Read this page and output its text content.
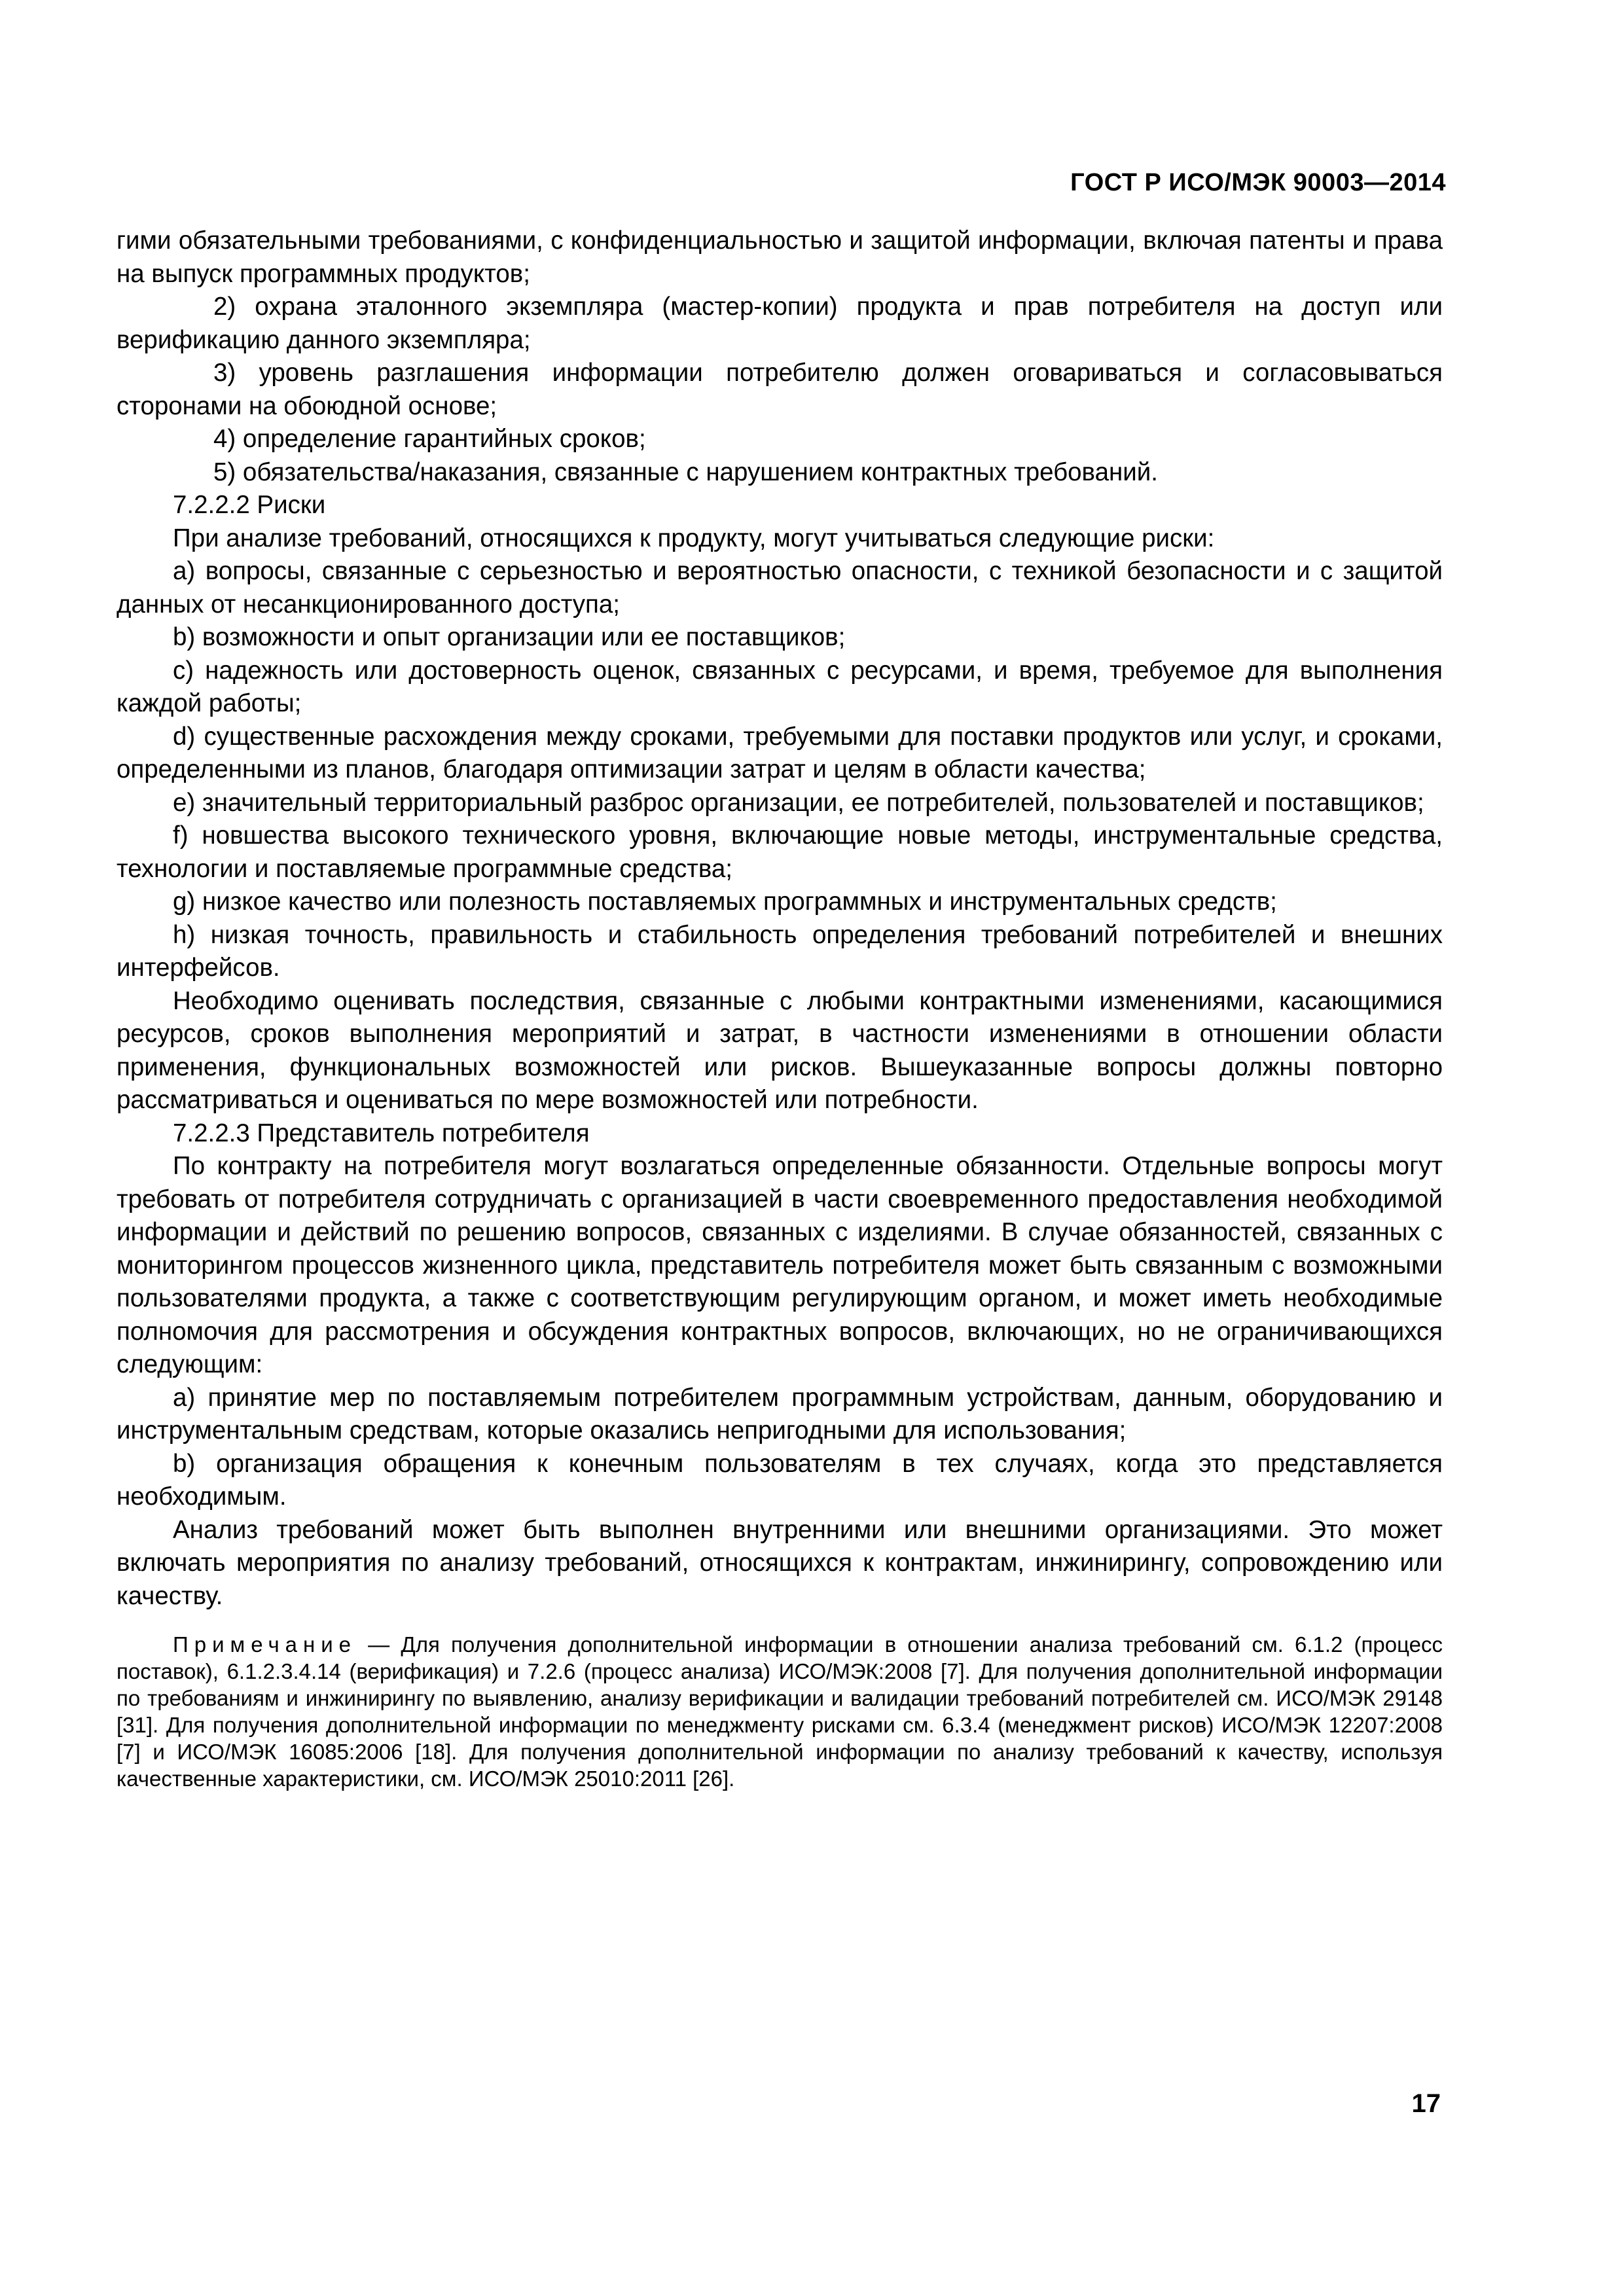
ГОСТ Р ИСО/МЭК 90003—2014

гими обязательными требованиями, с конфиденциальностью и защитой информации, включая патенты и права на выпуск программных продуктов;

2) охрана эталонного экземпляра (мастер-копии) продукта и прав потребителя на доступ или верификацию данного экземпляра;

3) уровень разглашения информации потребителю должен оговариваться и согласовываться сторонами на обоюдной основе;

4) определение гарантийных сроков;

5) обязательства/наказания, связанные с нарушением контрактных требований.

7.2.2.2 Риски

При анализе требований, относящихся к продукту, могут учитываться следующие риски:

a) вопросы, связанные с серьезностью и вероятностью опасности, с техникой безопасности и с защитой данных от несанкционированного доступа;

b) возможности и опыт организации или ее поставщиков;

c) надежность или достоверность оценок, связанных с ресурсами, и время, требуемое для выполнения каждой работы;

d) существенные расхождения между сроками, требуемыми для поставки продуктов или услуг, и сроками, определенными из планов, благодаря оптимизации затрат и целям в области качества;

e) значительный территориальный разброс организации, ее потребителей, пользователей и поставщиков;

f) новшества высокого технического уровня, включающие новые методы, инструментальные средства, технологии и поставляемые программные средства;

g) низкое качество или полезность поставляемых программных и инструментальных средств;

h) низкая точность, правильность и стабильность определения требований потребителей и внешних интерфейсов.

Необходимо оценивать последствия, связанные с любыми контрактными изменениями, касающимися ресурсов, сроков выполнения мероприятий и затрат, в частности изменениями в отношении области применения, функциональных возможностей или рисков. Вышеуказанные вопросы должны повторно рассматриваться и оцениваться по мере возможностей или потребности.

7.2.2.3 Представитель потребителя

По контракту на потребителя могут возлагаться определенные обязанности. Отдельные вопросы могут требовать от потребителя сотрудничать с организацией в части своевременного предоставления необходимой информации и действий по решению вопросов, связанных с изделиями. В случае обязанностей, связанных с мониторингом процессов жизненного цикла, представитель потребителя может быть связанным с возможными пользователями продукта, а также с соответствующим регулирующим органом, и может иметь необходимые полномочия для рассмотрения и обсуждения контрактных вопросов, включающих, но не ограничивающихся следующим:

a) принятие мер по поставляемым потребителем программным устройствам, данным, оборудованию и инструментальным средствам, которые оказались непригодными для использования;

b) организация обращения к конечным пользователям в тех случаях, когда это представляется необходимым.

Анализ требований может быть выполнен внутренними или внешними организациями. Это может включать мероприятия по анализу требований, относящихся к контрактам, инжинирингу, сопровождению или качеству.

Примечание — Для получения дополнительной информации в отношении анализа требований см. 6.1.2 (процесс поставок), 6.1.2.3.4.14 (верификация) и 7.2.6 (процесс анализа) ИСО/МЭК:2008 [7]. Для получения дополнительной информации по требованиям и инжинирингу по выявлению, анализу верификации и валидации требований потребителей см. ИСО/МЭК 29148 [31]. Для получения дополнительной информации по менеджменту рисками см. 6.3.4 (менеджмент рисков) ИСО/МЭК 12207:2008 [7] и ИСО/МЭК 16085:2006 [18]. Для получения дополнительной информации по анализу требований к качеству, используя качественные характеристики, см. ИСО/МЭК 25010:2011 [26].

17
